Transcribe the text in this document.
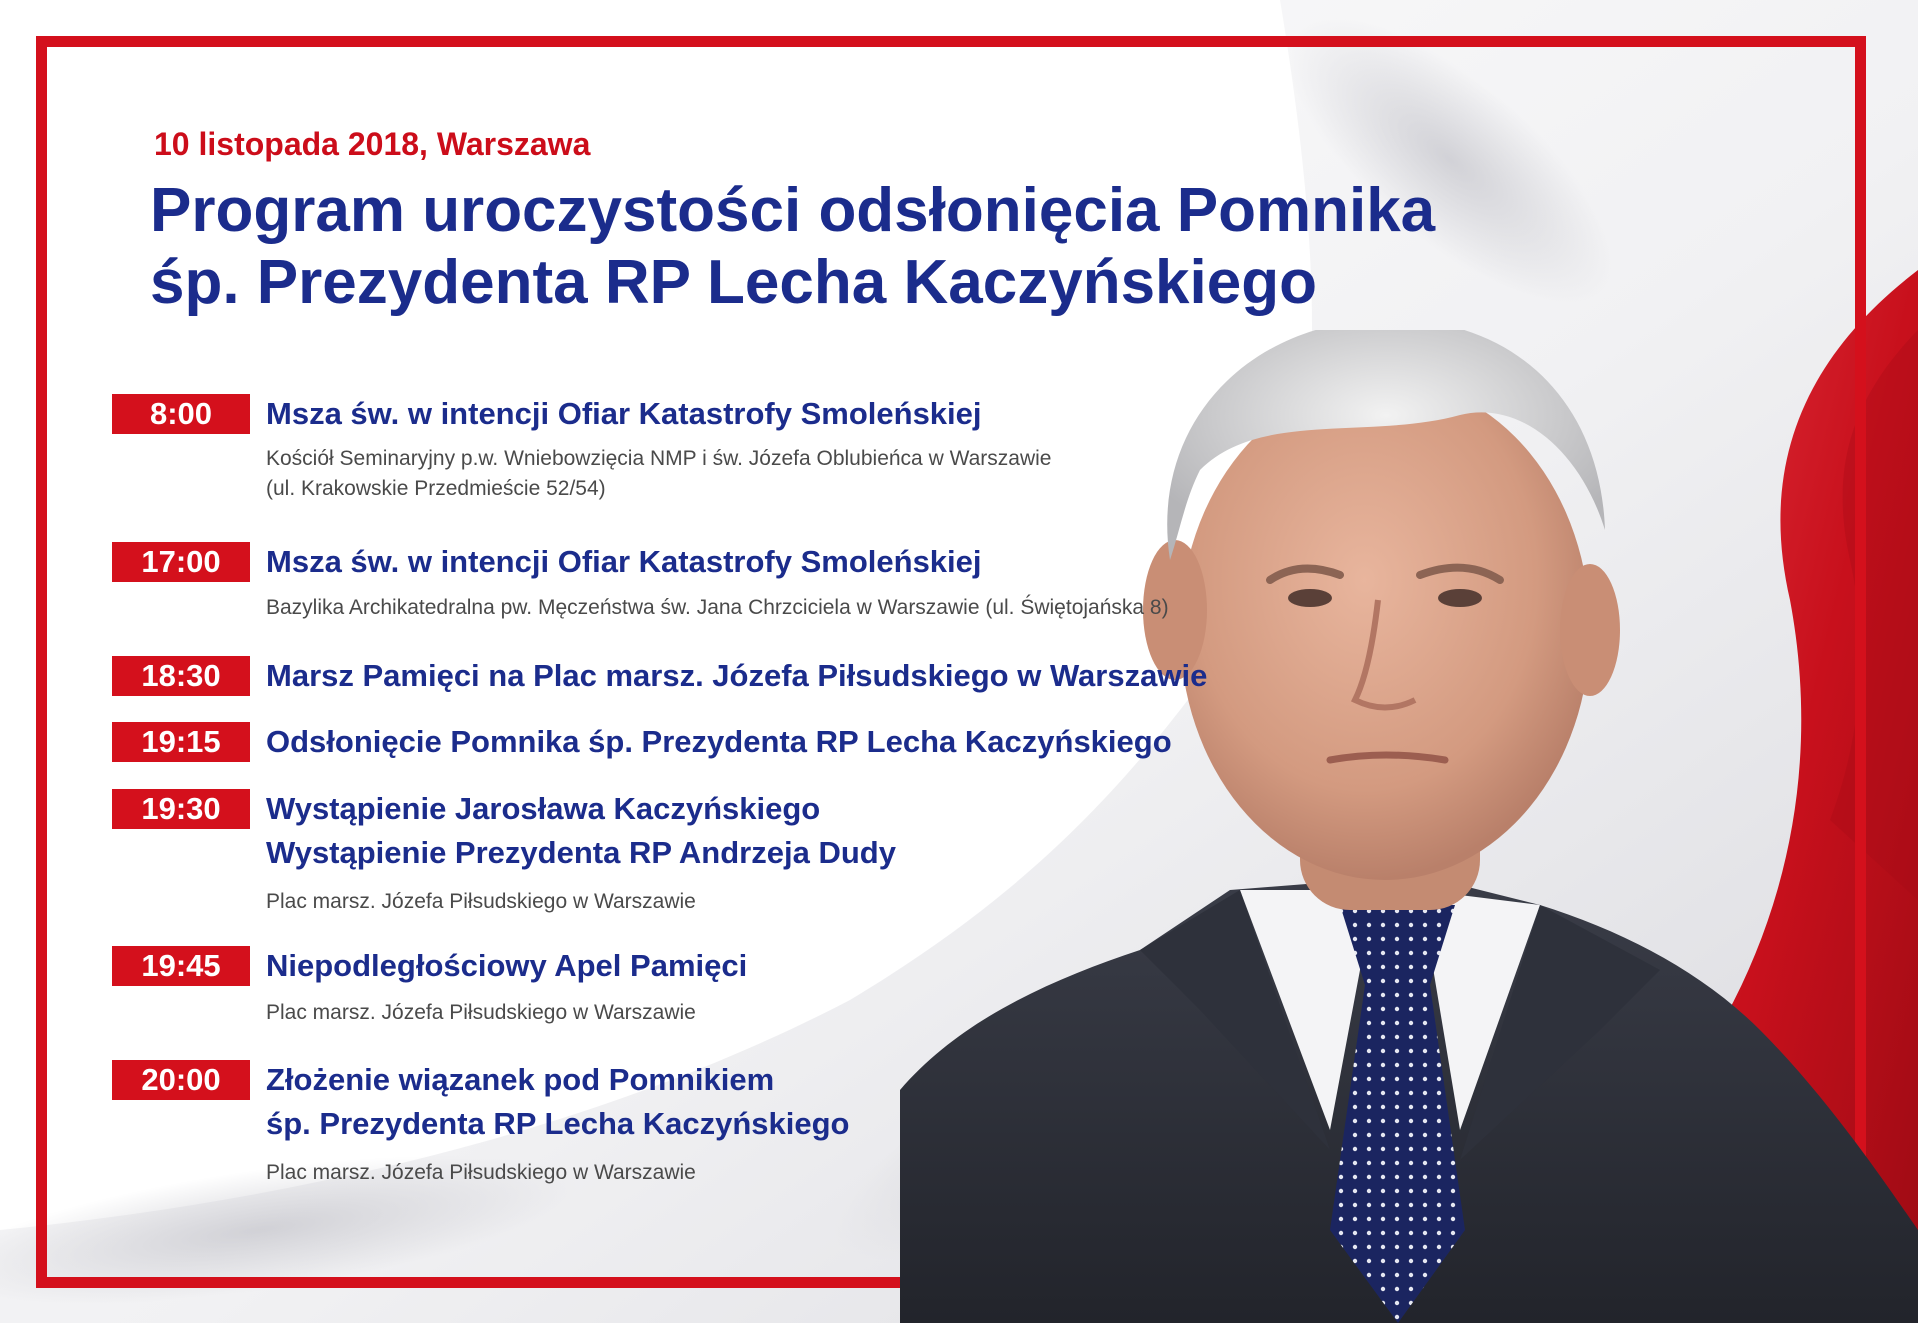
10 listopada 2018, Warszawa
Program uroczystości odsłonięcia Pomnika
śp. Prezydenta RP Lecha Kaczyńskiego
8:00	Msza św. w intencji Ofiar Katastrofy Smoleńskiej
Kościół Seminaryjny p.w. Wniebowzięcia NMP i św. Józefa Oblubieńca w Warszawie
(ul. Krakowskie Przedmieście 52/54)
17:00	Msza św. w intencji Ofiar Katastrofy Smoleńskiej
Bazylika Archikatedralna pw. Męczeństwa św. Jana Chrzciciela w Warszawie (ul. Świętojańska 8)
18:30	Marsz Pamięci na Plac marsz. Józefa Piłsudskiego w Warszawie
19:15	Odsłonięcie Pomnika śp. Prezydenta RP Lecha Kaczyńskiego
19:30	Wystąpienie Jarosława Kaczyńskiego
Wystąpienie Prezydenta RP Andrzeja Dudy
Plac marsz. Józefa Piłsudskiego w Warszawie
19:45	Niepodległościowy Apel Pamięci
Plac marsz. Józefa Piłsudskiego w Warszawie
20:00	Złożenie wiązanek pod Pomnikiem
śp. Prezydenta RP Lecha Kaczyńskiego
Plac marsz. Józefa Piłsudskiego w Warszawie
